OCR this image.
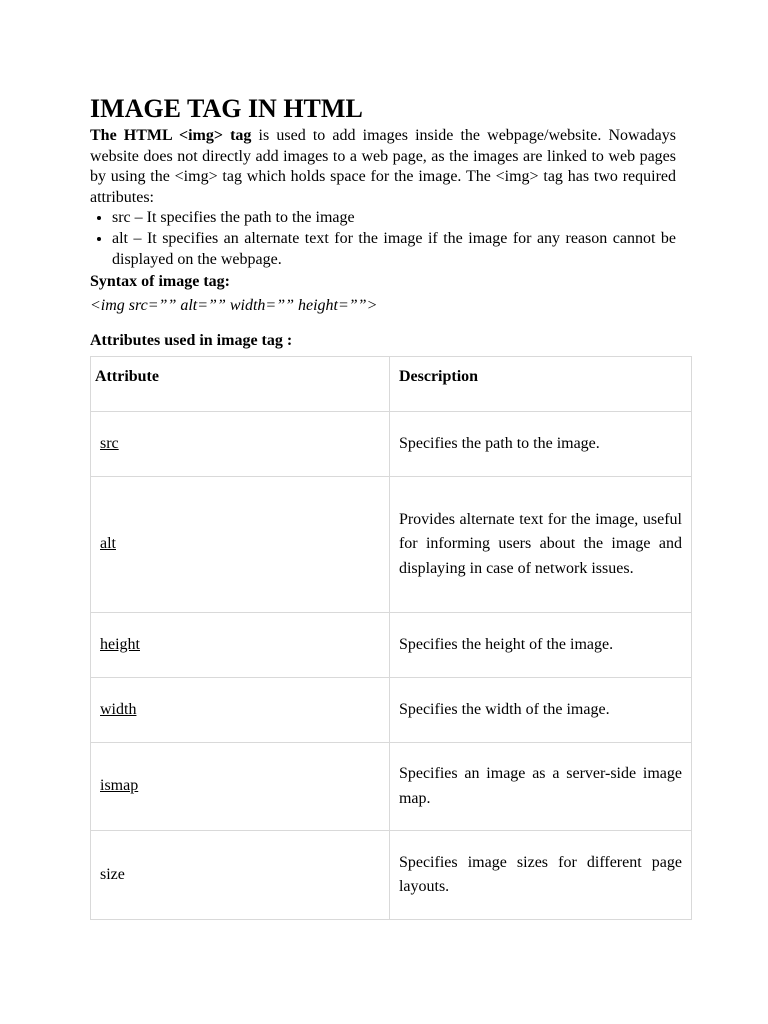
IMAGE TAG IN HTML

The HTML <img> tag is used to add images inside the webpage/website. Nowadays website does not directly add images to a web page, as the images are linked to web pages by using the <img> tag which holds space for the image. The <img> tag has two required attributes:

• src – It specifies the path to the image
• alt – It specifies an alternate text for the image if the image for any reason cannot be displayed on the webpage.

Syntax of image tag:

<img src=”” alt=”” width=”” height=””>

Attributes used in image tag :

Attribute	Description
src	Specifies the path to the image.
alt	Provides alternate text for the image, useful for informing users about the image and displaying in case of network issues.
height	Specifies the height of the image.
width	Specifies the width of the image.
ismap	Specifies an image as a server-side image map.
size	Specifies image sizes for different page layouts.
